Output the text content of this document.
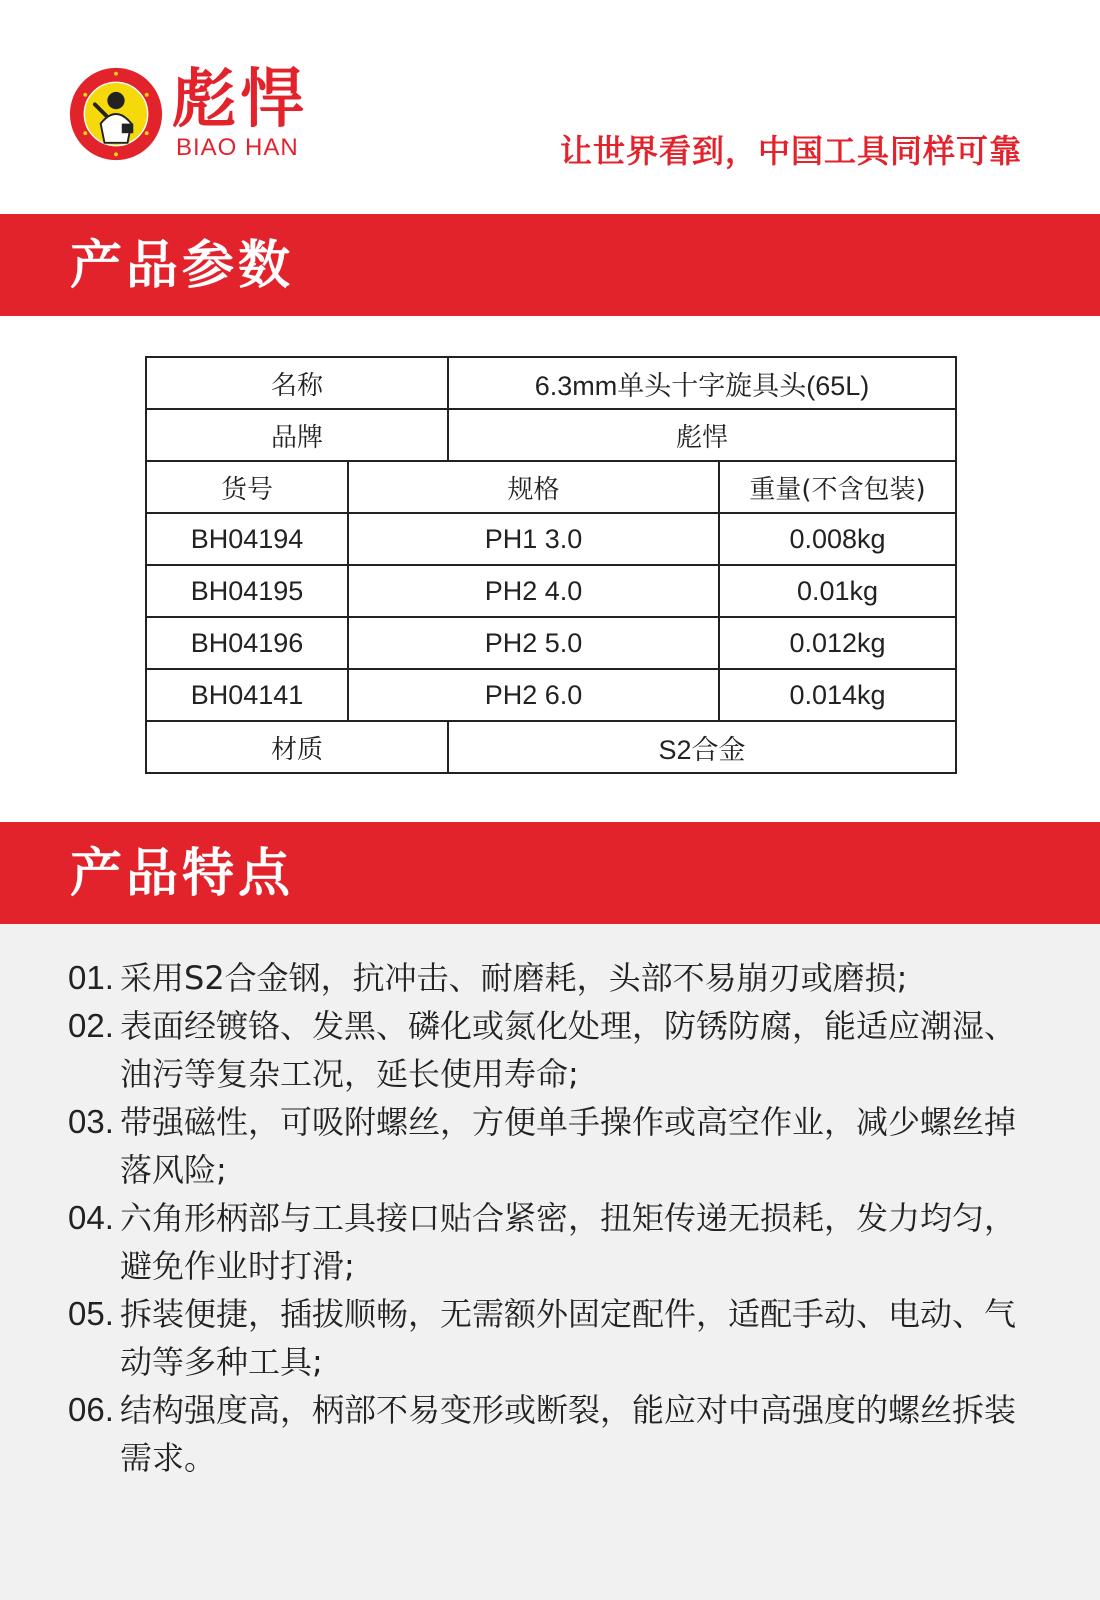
彪悍
BIAO HAN	让世界看到，中国工具同样可靠
产品参数
名称		6.3mm单头十字旋具头(65L)	
品牌		彪悍	
货号	规格		重量(不含包装)
BH04194	PH1 3.0		0.008kg
BH04195	PH2 4.0		0.01kg
BH04196	PH2 5.0		0.012kg
BH04141	PH2 6.0		0.014kg
材质		S2合金	
产品特点
01. 采用S2合金钢，抗冲击、耐磨耗，头部不易崩刃或磨损;
02. 表面经镀铬、发黑、磷化或氮化处理，防锈防腐，能适应潮湿、油污等复杂工况，延长使用寿命;
03. 带强磁性，可吸附螺丝，方便单手操作或高空作业，减少螺丝掉落风险;
04. 六角形柄部与工具接口贴合紧密，扭矩传递无损耗，发力均匀，避免作业时打滑;
05. 拆装便捷，插拔顺畅，无需额外固定配件，适配手动、电动、气动等多种工具;
06. 结构强度高，柄部不易变形或断裂，能应对中高强度的螺丝拆装需求。
